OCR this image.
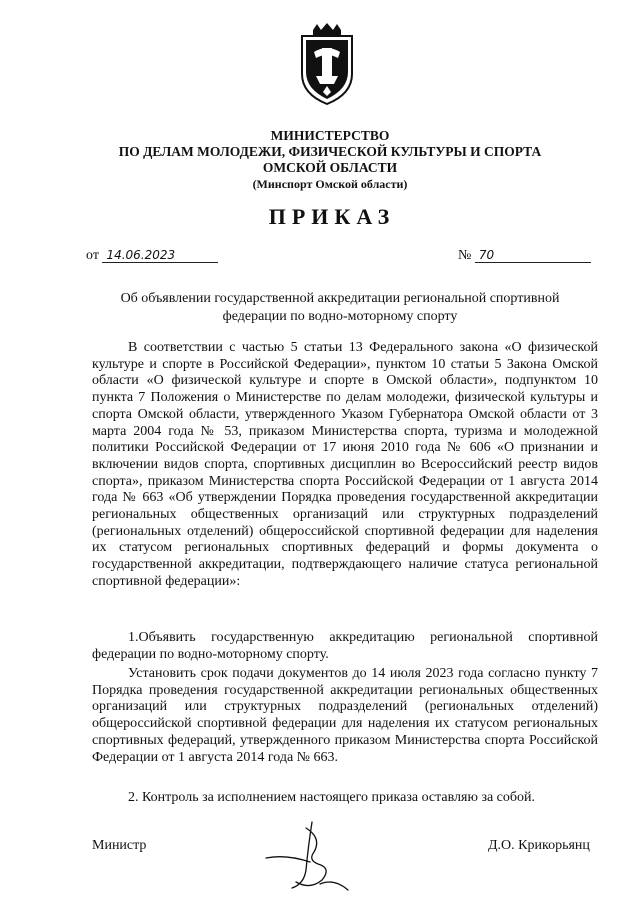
МИНИСТЕРСТВО
ПО ДЕЛАМ МОЛОДЕЖИ, ФИЗИЧЕСКОЙ КУЛЬТУРЫ И СПОРТА
ОМСКОЙ ОБЛАСТИ
(Минспорт Омской области)
ПРИКАЗ
от 14.06.2023	№ 70
Об объявлении государственной аккредитации региональной спортивной федерации по водно-моторному спорту
В соответствии с частью 5 статьи 13 Федерального закона «О физической культуре и спорте в Российской Федерации», пунктом 10 статьи 5 Закона Омской области «О физической культуре и спорте в Омской области», подпунктом 10 пункта 7 Положения о Министерстве по делам молодежи, физической культуры и спорта Омской области, утвержденного Указом Губернатора Омской области от 3 марта 2004 года № 53, приказом Министерства спорта, туризма и молодежной политики Российской Федерации от 17 июня 2010 года № 606 «О признании и включении видов спорта, спортивных дисциплин во Всероссийский реестр видов спорта», приказом Министерства спорта Российской Федерации от 1 августа 2014 года № 663 «Об утверждении Порядка проведения государственной аккредитации региональных общественных организаций или структурных подразделений (региональных отделений) общероссийской спортивной федерации для наделения их статусом региональных спортивных федераций и формы документа о государственной аккредитации, подтверждающего наличие статуса региональной спортивной федерации»:
1.Объявить государственную аккредитацию региональной спортивной федерации по водно-моторному спорту.
Установить срок подачи документов до 14 июля 2023 года согласно пункту 7 Порядка проведения государственной аккредитации региональных общественных организаций или структурных подразделений (региональных отделений) общероссийской спортивной федерации для наделения их статусом региональных спортивных федераций, утвержденного приказом Министерства спорта Российской Федерации от 1 августа 2014 года № 663.
2. Контроль за исполнением настоящего приказа оставляю за собой.
Министр	Д.О. Крикорьянц
